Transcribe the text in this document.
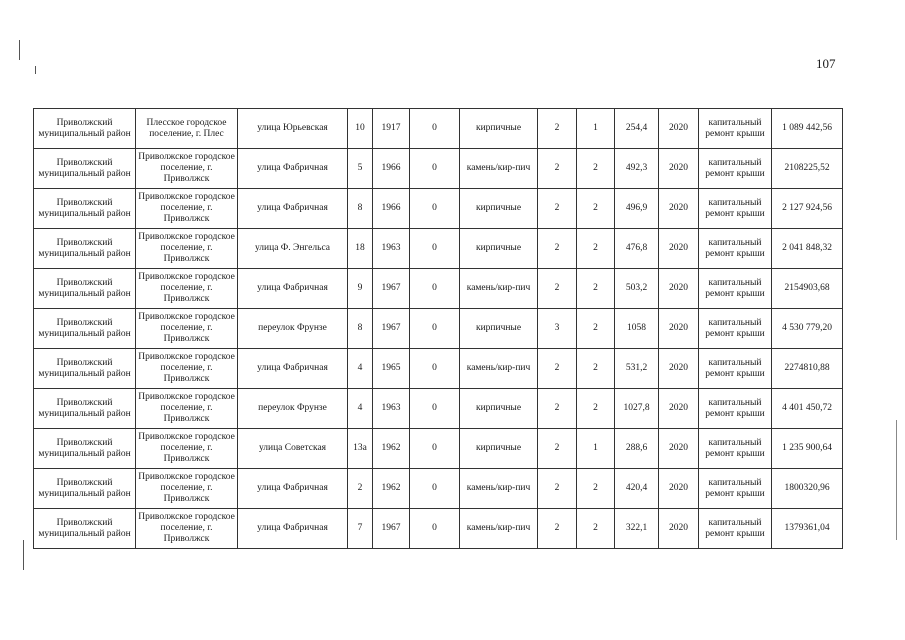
107
Приволжский муниципальный район	Плесское городское поселение, г. Плес	улица Юрьевская	10	1917	0	кирпичные	2	1	254,4	2020	капитальный ремонт крыши	1 089 442,56
Приволжский муниципальный район	Приволжское городское поселение, г. Приволжск	улица Фабричная	5	1966	0	камень/кир-пич	2	2	492,3	2020	капитальный ремонт крыши	2108225,52
Приволжский муниципальный район	Приволжское городское поселение, г. Приволжск	улица Фабричная	8	1966	0	кирпичные	2	2	496,9	2020	капитальный ремонт крыши	2 127 924,56
Приволжский муниципальный район	Приволжское городское поселение, г. Приволжск	улица Ф. Энгельса	18	1963	0	кирпичные	2	2	476,8	2020	капитальный ремонт крыши	2 041 848,32
Приволжский муниципальный район	Приволжское городское поселение, г. Приволжск	улица Фабричная	9	1967	0	камень/кир-пич	2	2	503,2	2020	капитальный ремонт крыши	2154903,68
Приволжский муниципальный район	Приволжское городское поселение, г. Приволжск	переулок Фрунзе	8	1967	0	кирпичные	3	2	1058	2020	капитальный ремонт крыши	4 530 779,20
Приволжский муниципальный район	Приволжское городское поселение, г. Приволжск	улица Фабричная	4	1965	0	камень/кир-пич	2	2	531,2	2020	капитальный ремонт крыши	2274810,88
Приволжский муниципальный район	Приволжское городское поселение, г. Приволжск	переулок Фрунзе	4	1963	0	кирпичные	2	2	1027,8	2020	капитальный ремонт крыши	4 401 450,72
Приволжский муниципальный район	Приволжское городское поселение, г. Приволжск	улица Советская	13а	1962	0	кирпичные	2	1	288,6	2020	капитальный ремонт крыши	1 235 900,64
Приволжский муниципальный район	Приволжское городское поселение, г. Приволжск	улица Фабричная	2	1962	0	камень/кир-пич	2	2	420,4	2020	капитальный ремонт крыши	1800320,96
Приволжский муниципальный район	Приволжское городское поселение, г. Приволжск	улица Фабричная	7	1967	0	камень/кир-пич	2	2	322,1	2020	капитальный ремонт крыши	1379361,04
